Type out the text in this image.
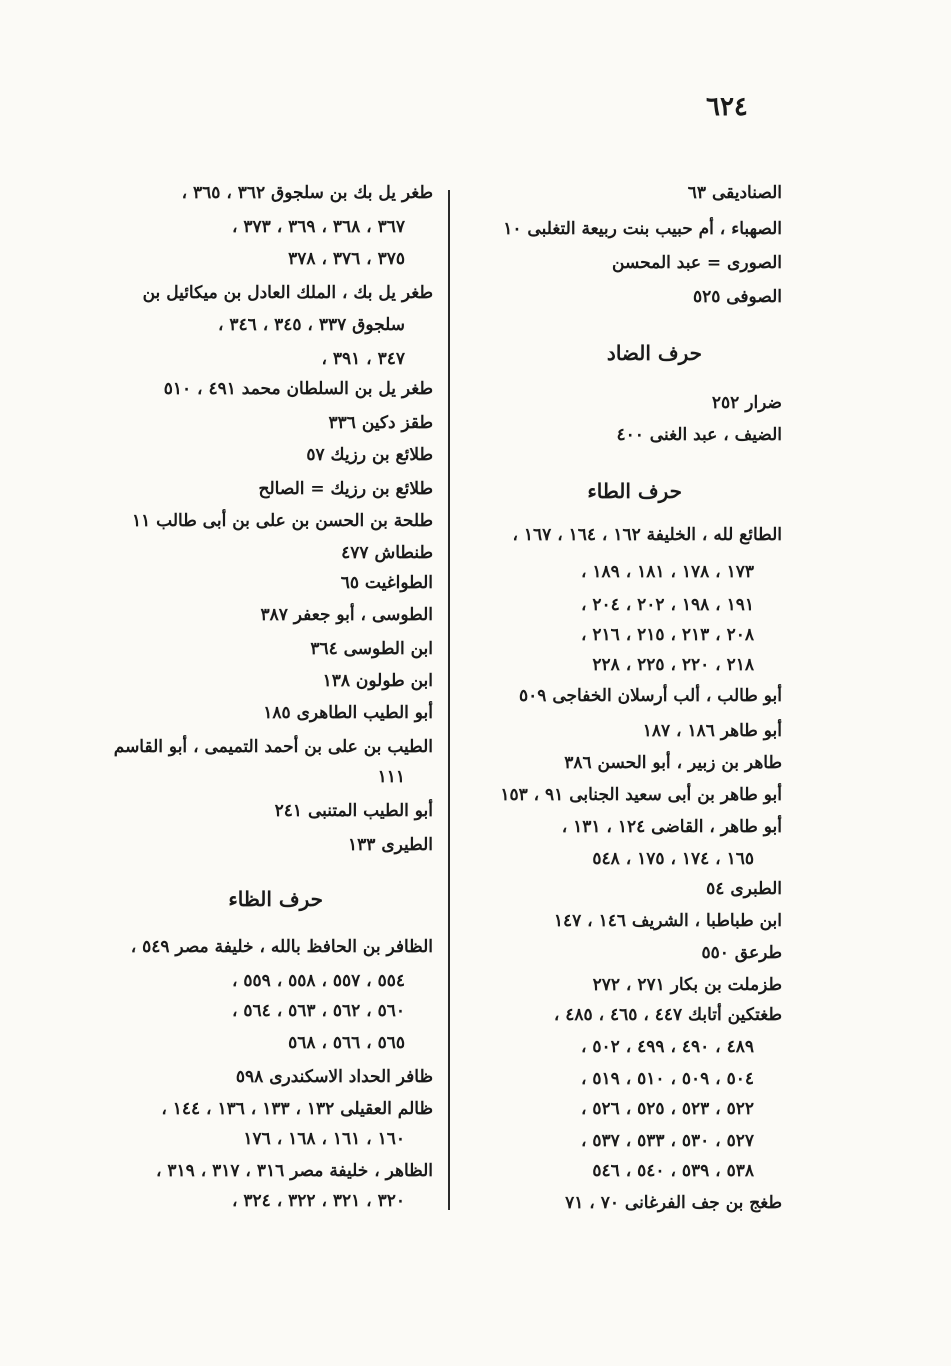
٦٢٤
الصناديقى ٦٣
الصهباء ، أم حبيب بنت ربيعة التغلبى ١٠
الصورى = عبد المحسن
الصوفى ٥٢٥
حرف الضاد
ضرار ٢٥٢
الضيف ، عبد الغنى ٤٠٠
حرف الطاء
الطائع لله ، الخليفة ١٦٢ ، ١٦٤ ، ١٦٧ ،
١٧٣ ، ١٧٨ ، ١٨١ ، ١٨٩ ،
١٩١ ، ١٩٨ ، ٢٠٢ ، ٢٠٤ ،
٢٠٨ ، ٢١٣ ، ٢١٥ ، ٢١٦ ،
٢١٨ ، ٢٢٠ ، ٢٢٥ ، ٢٢٨
أبو طالب ، ألب أرسلان الخفاجى ٥٠٩
أبو طاهر ١٨٦ ، ١٨٧
طاهر بن زبير ، أبو الحسن ٣٨٦
أبو طاهر بن أبى سعيد الجنابى ٩١ ، ١٥٣
أبو طاهر ، القاضى ١٢٤ ، ١٣١ ،
١٦٥ ، ١٧٤ ، ١٧٥ ، ٥٤٨
الطبرى ٥٤
ابن طباطبا ، الشريف ١٤٦ ، ١٤٧
طرعق ٥٥٠
طزملت بن بكار ٢٧١ ، ٢٧٢
طغتكين أتابك ٤٤٧ ، ٤٦٥ ، ٤٨٥ ،
٤٨٩ ، ٤٩٠ ، ٤٩٩ ، ٥٠٢ ،
٥٠٤ ، ٥٠٩ ، ٥١٠ ، ٥١٩ ،
٥٢٢ ، ٥٢٣ ، ٥٢٥ ، ٥٢٦ ،
٥٢٧ ، ٥٣٠ ، ٥٣٣ ، ٥٣٧ ،
٥٣٨ ، ٥٣٩ ، ٥٤٠ ، ٥٤٦
طغج بن جف الفرغانى ٧٠ ، ٧١
طغر يل بك بن سلجوق ٣٦٢ ، ٣٦٥ ،
٣٦٧ ، ٣٦٨ ، ٣٦٩ ، ٣٧٣ ،
٣٧٥ ، ٣٧٦ ، ٣٧٨
طغر يل بك ، الملك العادل بن ميكائيل بن
سلجوق ٣٣٧ ، ٣٤٥ ، ٣٤٦ ،
٣٤٧ ، ٣٩١ ،
طغر يل بن السلطان محمد ٤٩١ ، ٥١٠
طقز دكين ٣٣٦
طلائع بن رزيك ٥٧
طلائع بن رزيك = الصالح
طلحة بن الحسن بن على بن أبى طالب ١١
طنطاش ٤٧٧
الطواغيت ٦٥
الطوسى ، أبو جعفر ٣٨٧
ابن الطوسى ٣٦٤
ابن طولون ١٣٨
أبو الطيب الطاهرى ١٨٥
الطيب بن على بن أحمد التميمى ، أبو القاسم
١١١
أبو الطيب المتنبى ٢٤١
الطيرى ١٣٣
حرف الظاء
الظافر بن الحافظ بالله ، خليفة مصر ٥٤٩ ،
٥٥٤ ، ٥٥٧ ، ٥٥٨ ، ٥٥٩ ،
٥٦٠ ، ٥٦٢ ، ٥٦٣ ، ٥٦٤ ،
٥٦٥ ، ٥٦٦ ، ٥٦٨
ظافر الحداد الاسكندرى ٥٩٨
ظالم العقيلى ١٣٢ ، ١٣٣ ، ١٣٦ ، ١٤٤ ،
١٦٠ ، ١٦١ ، ١٦٨ ، ١٧٦
الظاهر ، خليفة مصر ٣١٦ ، ٣١٧ ، ٣١٩ ،
٣٢٠ ، ٣٢١ ، ٣٢٢ ، ٣٢٤ ،
